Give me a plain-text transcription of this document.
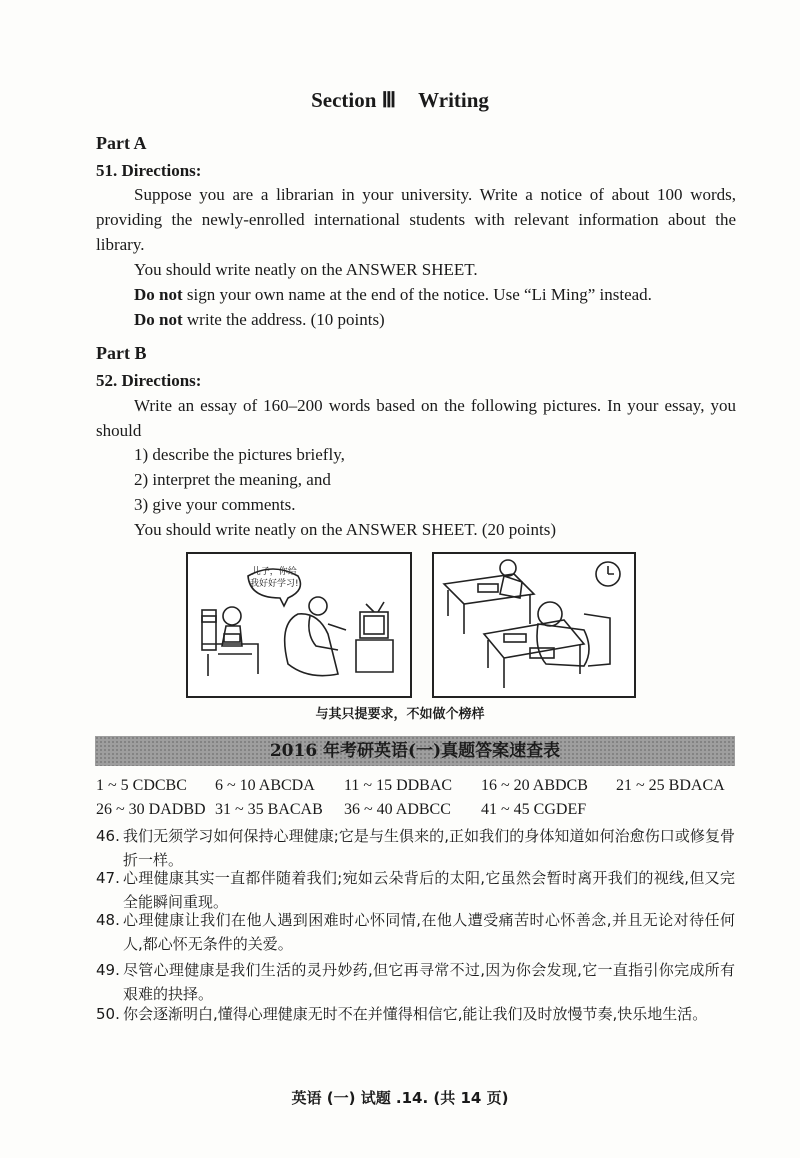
Section Ⅲ Writing
Part A
51. Directions:
Suppose you are a librarian in your university. Write a notice of about 100 words, providing the newly-enrolled international students with relevant information about the library.
You should write neatly on the ANSWER SHEET.
Do not sign your own name at the end of the notice. Use “Li Ming” instead.
Do not write the address. (10 points)
Part B
52. Directions:
Write an essay of 160–200 words based on the following pictures. In your essay, you should
1) describe the pictures briefly,
2) interpret the meaning, and
3) give your comments.
You should write neatly on the ANSWER SHEET. (20 points)
儿子，你给
我好好学习!
与其只提要求，不如做个榜样
2016 年考研英语(一)真题答案速查表
1 ~ 5 CDCBC 6 ~ 10 ABCDA 11 ~ 15 DDBAC 16 ~ 20 ABDCB 21 ~ 25 BDACA
26 ~ 30 DADBD 31 ~ 35 BACAB 36 ~ 40 ADBCC 41 ~ 45 CGDEF
46. 我们无须学习如何保持心理健康;它是与生俱来的,正如我们的身体知道如何治愈伤口或修复骨折一样。
47. 心理健康其实一直都伴随着我们;宛如云朵背后的太阳,它虽然会暂时离开我们的视线,但又完全能瞬间重现。
48. 心理健康让我们在他人遇到困难时心怀同情,在他人遭受痛苦时心怀善念,并且无论对待任何人,都心怀无条件的关爱。
49. 尽管心理健康是我们生活的灵丹妙药,但它再寻常不过,因为你会发现,它一直指引你完成所有艰难的抉择。
50. 你会逐渐明白,懂得心理健康无时不在并懂得相信它,能让我们及时放慢节奏,快乐地生活。
英语 (一) 试题 .14. (共 14 页)
